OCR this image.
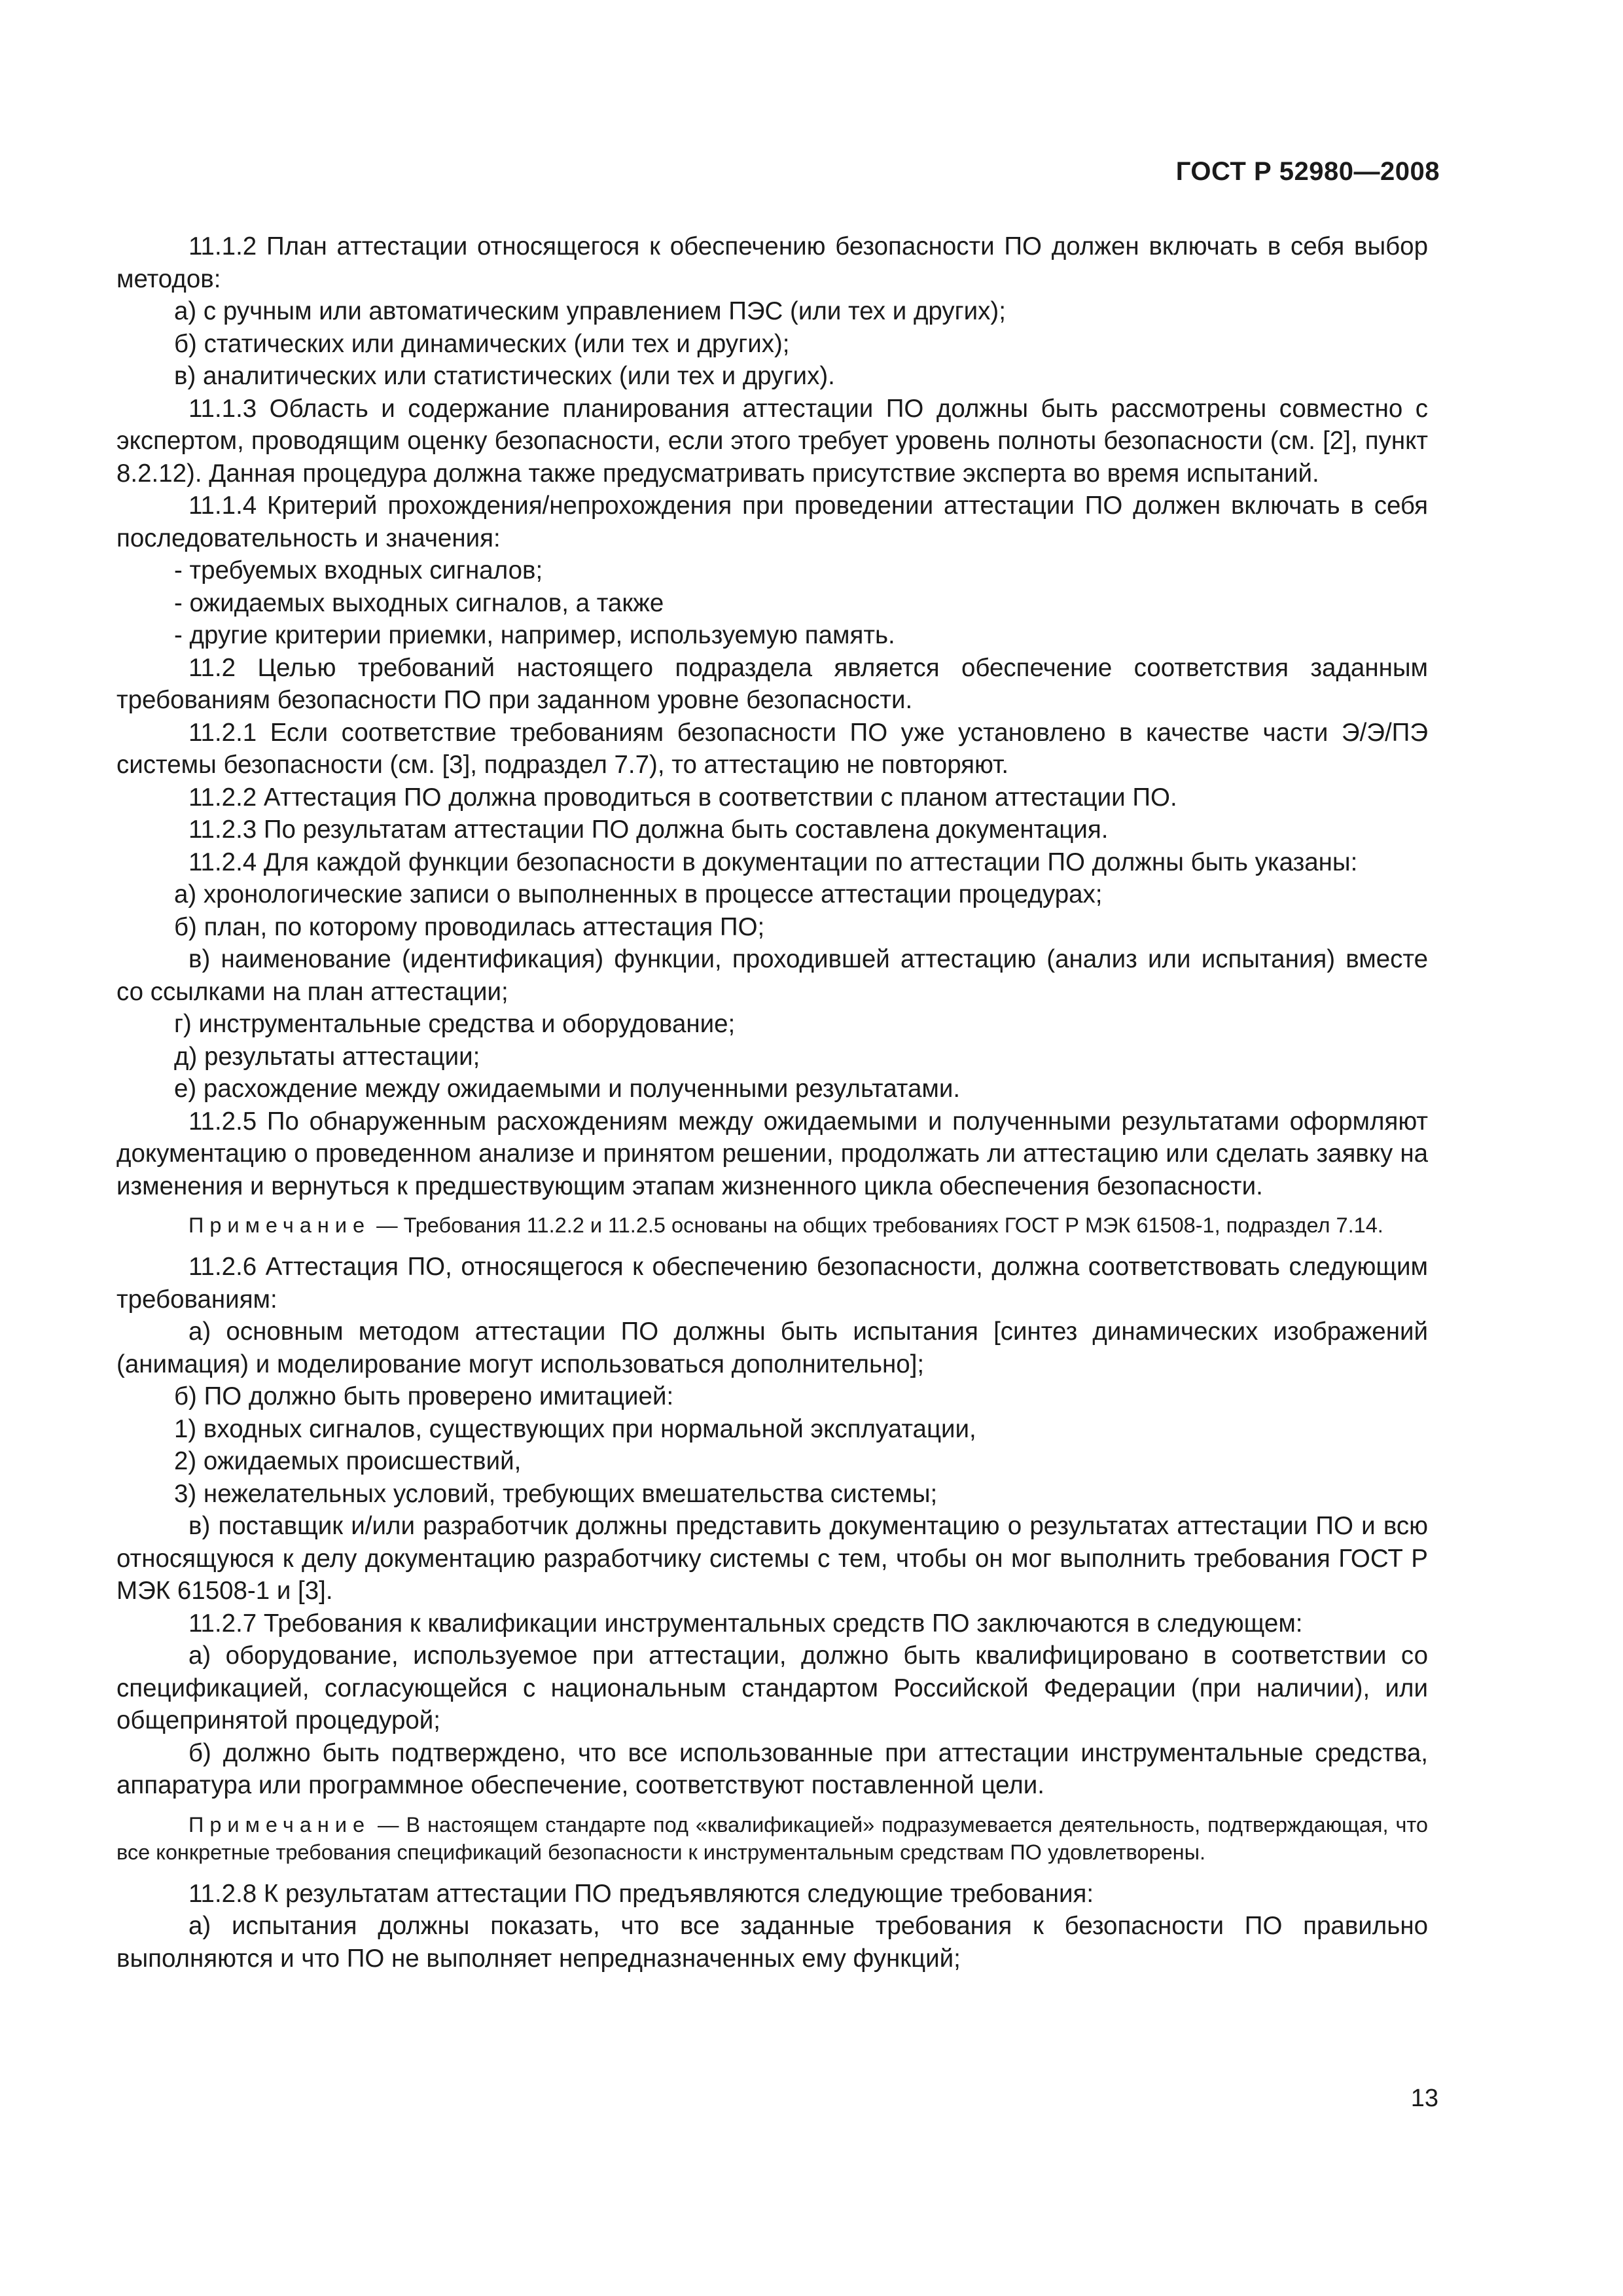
ГОСТ Р 52980—2008

11.1.2 План аттестации относящегося к обеспечению безопасности ПО должен включать в себя выбор методов:

а) с ручным или автоматическим управлением ПЭС (или тех и других);

б) статических или динамических (или тех и других);

в) аналитических или статистических (или тех и других).

11.1.3 Область и содержание планирования аттестации ПО должны быть рассмотрены совместно с экспертом, проводящим оценку безопасности, если этого требует уровень полноты безопасности (см. [2], пункт 8.2.12). Данная процедура должна также предусматривать присутствие эксперта во время испытаний.

11.1.4 Критерий прохождения/непрохождения при проведении аттестации ПО должен включать в себя последовательность и значения:

- требуемых входных сигналов;

- ожидаемых выходных сигналов, а также

- другие критерии приемки, например, используемую память.

11.2 Целью требований настоящего подраздела является обеспечение соответствия заданным требованиям безопасности ПО при заданном уровне безопасности.

11.2.1 Если соответствие требованиям безопасности ПО уже установлено в качестве части Э/Э/ПЭ системы безопасности (см. [3], подраздел 7.7), то аттестацию не повторяют.

11.2.2 Аттестация ПО должна проводиться в соответствии с планом аттестации ПО.

11.2.3 По результатам аттестации ПО должна быть составлена документация.

11.2.4 Для каждой функции безопасности в документации по аттестации ПО должны быть указаны:

а) хронологические записи о выполненных в процессе аттестации процедурах;

б) план, по которому проводилась аттестация ПО;

в) наименование (идентификация) функции, проходившей аттестацию (анализ или испытания) вместе со ссылками на план аттестации;

г) инструментальные средства и оборудование;

д) результаты аттестации;

е) расхождение между ожидаемыми и полученными результатами.

11.2.5 По обнаруженным расхождениям между ожидаемыми и полученными результатами оформляют документацию о проведенном анализе и принятом решении, продолжать ли аттестацию или сделать заявку на изменения и вернуться к предшествующим этапам жизненного цикла обеспечения безопасности.

Примечание — Требования 11.2.2 и 11.2.5 основаны на общих требованиях ГОСТ Р МЭК 61508-1, подраздел 7.14.

11.2.6 Аттестация ПО, относящегося к обеспечению безопасности, должна соответствовать следующим требованиям:

а) основным методом аттестации ПО должны быть испытания [синтез динамических изображений (анимация) и моделирование могут использоваться дополнительно];

б) ПО должно быть проверено имитацией:

1) входных сигналов, существующих при нормальной эксплуатации,

2) ожидаемых происшествий,

3) нежелательных условий, требующих вмешательства системы;

в) поставщик и/или разработчик должны представить документацию о результатах аттестации ПО и всю относящуюся к делу документацию разработчику системы с тем, чтобы он мог выполнить требования ГОСТ Р МЭК 61508-1 и [3].

11.2.7 Требования к квалификации инструментальных средств ПО заключаются в следующем:

а) оборудование, используемое при аттестации, должно быть квалифицировано в соответствии со спецификацией, согласующейся с национальным стандартом Российской Федерации (при наличии), или общепринятой процедурой;

б) должно быть подтверждено, что все использованные при аттестации инструментальные средства, аппаратура или программное обеспечение, соответствуют поставленной цели.

Примечание — В настоящем стандарте под «квалификацией» подразумевается деятельность, подтверждающая, что все конкретные требования спецификаций безопасности к инструментальным средствам ПО удовлетворены.

11.2.8 К результатам аттестации ПО предъявляются следующие требования:

а) испытания должны показать, что все заданные требования к безопасности ПО правильно выполняются и что ПО не выполняет непредназначенных ему функций;

13
